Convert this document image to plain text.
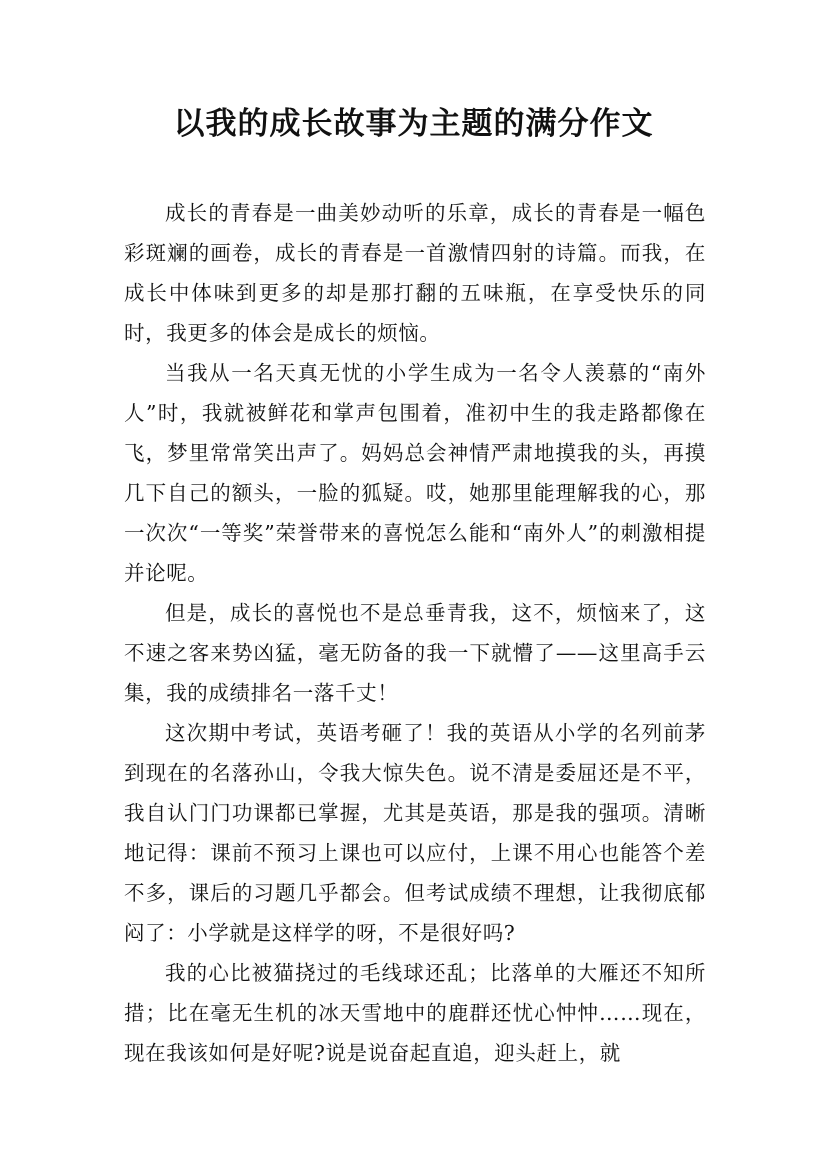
以我的成长故事为主题的满分作文

成长的青春是一曲美妙动听的乐章，成长的青春是一幅色彩斑斓的画卷，成长的青春是一首激情四射的诗篇。而我，在成长中体味到更多的却是那打翻的五味瓶，在享受快乐的同时，我更多的体会是成长的烦恼。

当我从一名天真无忧的小学生成为一名令人羡慕的“南外人”时，我就被鲜花和掌声包围着，准初中生的我走路都像在飞，梦里常常笑出声了。妈妈总会神情严肃地摸我的头，再摸几下自己的额头，一脸的狐疑。哎，她那里能理解我的心，那一次次“一等奖”荣誉带来的喜悦怎么能和“南外人”的刺激相提并论呢。

但是，成长的喜悦也不是总垂青我，这不，烦恼来了，这不速之客来势凶猛，毫无防备的我一下就懵了——这里高手云集，我的成绩排名一落千丈！

这次期中考试，英语考砸了！我的英语从小学的名列前茅到现在的名落孙山，令我大惊失色。说不清是委屈还是不平，我自认门门功课都已掌握，尤其是英语，那是我的强项。清晰地记得：课前不预习上课也可以应付，上课不用心也能答个差不多，课后的习题几乎都会。但考试成绩不理想，让我彻底郁闷了：小学就是这样学的呀，不是很好吗?

我的心比被猫挠过的毛线球还乱；比落单的大雁还不知所措；比在毫无生机的冰天雪地中的鹿群还忧心忡忡……现在，现在我该如何是好呢?说是说奋起直追，迎头赶上，就
